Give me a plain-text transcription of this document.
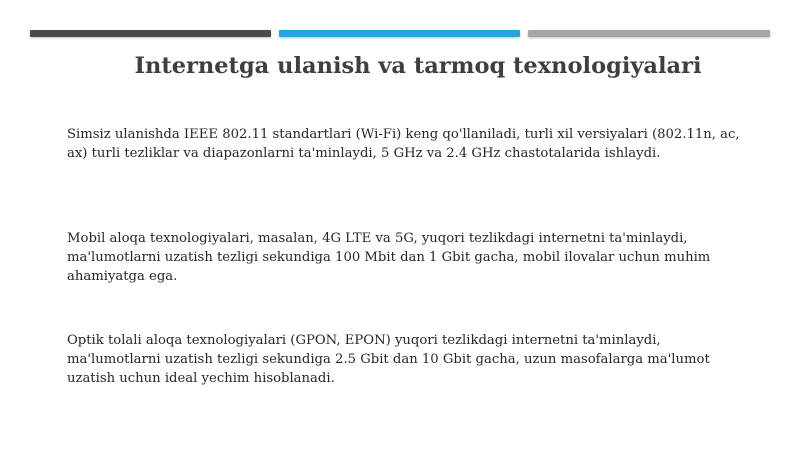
Internetga ulanish va tarmoq texnologiyalari

Simsiz ulanishda IEEE 802.11 standartlari (Wi-Fi) keng qo'llaniladi, turli xil versiyalari (802.11n, ac, ax) turli tezliklar va diapazonlarni ta'minlaydi, 5 GHz va 2.4 GHz chastotalarida ishlaydi.

Mobil aloqa texnologiyalari, masalan, 4G LTE va 5G, yuqori tezlikdagi internetni ta'minlaydi, ma'lumotlarni uzatish tezligi sekundiga 100 Mbit dan 1 Gbit gacha, mobil ilovalar uchun muhim ahamiyatga ega.

Optik tolali aloqa texnologiyalari (GPON, EPON) yuqori tezlikdagi internetni ta'minlaydi, ma'lumotlarni uzatish tezligi sekundiga 2.5 Gbit dan 10 Gbit gacha, uzun masofalarga ma'lumot uzatish uchun ideal yechim hisoblanadi.
